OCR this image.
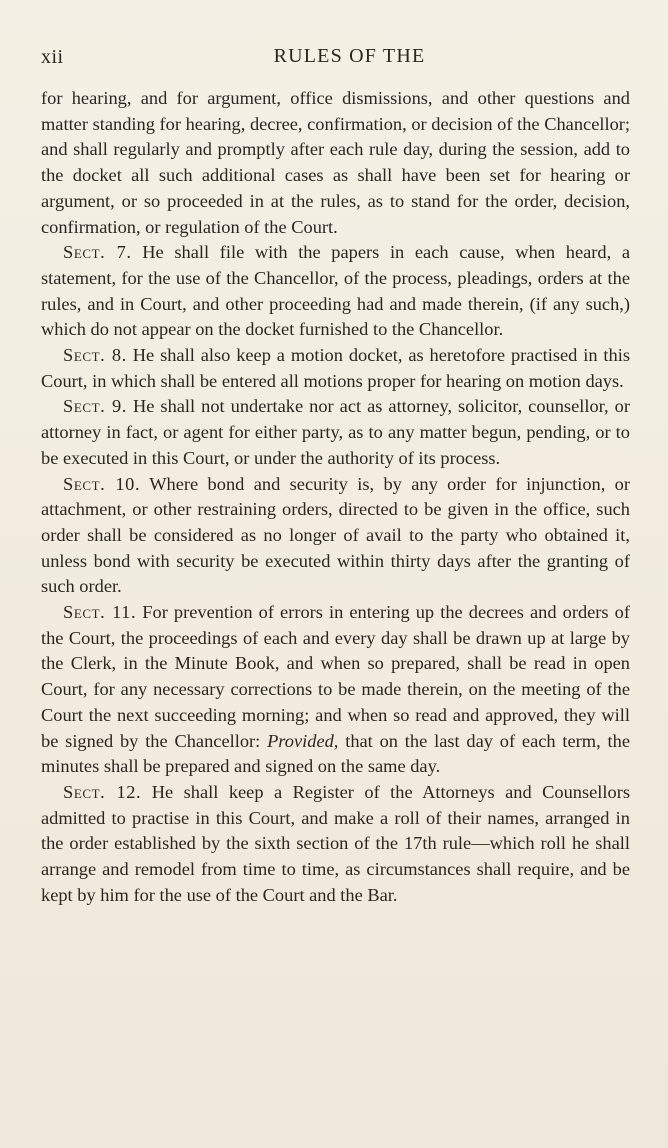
xii	RULES OF THE

for hearing, and for argument, office dismissions, and other questions and matter standing for hearing, decree, confirmation, or decision of the Chancellor; and shall regularly and promptly after each rule day, during the session, add to the docket all such additional cases as shall have been set for hearing or argument, or so proceeded in at the rules, as to stand for the order, decision, confirmation, or regulation of the Court.

Sect. 7. He shall file with the papers in each cause, when heard, a statement, for the use of the Chancellor, of the process, pleadings, orders at the rules, and in Court, and other proceeding had and made therein, (if any such,) which do not appear on the docket furnished to the Chancellor.

Sect. 8. He shall also keep a motion docket, as heretofore practised in this Court, in which shall be entered all motions proper for hearing on motion days.

Sect. 9. He shall not undertake nor act as attorney, solicitor, counsellor, or attorney in fact, or agent for either party, as to any matter begun, pending, or to be executed in this Court, or under the authority of its process.

Sect. 10. Where bond and security is, by any order for injunction, or attachment, or other restraining orders, directed to be given in the office, such order shall be considered as no longer of avail to the party who obtained it, unless bond with security be executed within thirty days after the granting of such order.

Sect. 11. For prevention of errors in entering up the decrees and orders of the Court, the proceedings of each and every day shall be drawn up at large by the Clerk, in the Minute Book, and when so prepared, shall be read in open Court, for any necessary corrections to be made therein, on the meeting of the Court the next succeeding morning; and when so read and approved, they will be signed by the Chancellor: Provided, that on the last day of each term, the minutes shall be prepared and signed on the same day.

Sect. 12. He shall keep a Register of the Attorneys and Counsellors admitted to practise in this Court, and make a roll of their names, arranged in the order established by the sixth section of the 17th rule—which roll he shall arrange and remodel from time to time, as circumstances shall require, and be kept by him for the use of the Court and the Bar.
